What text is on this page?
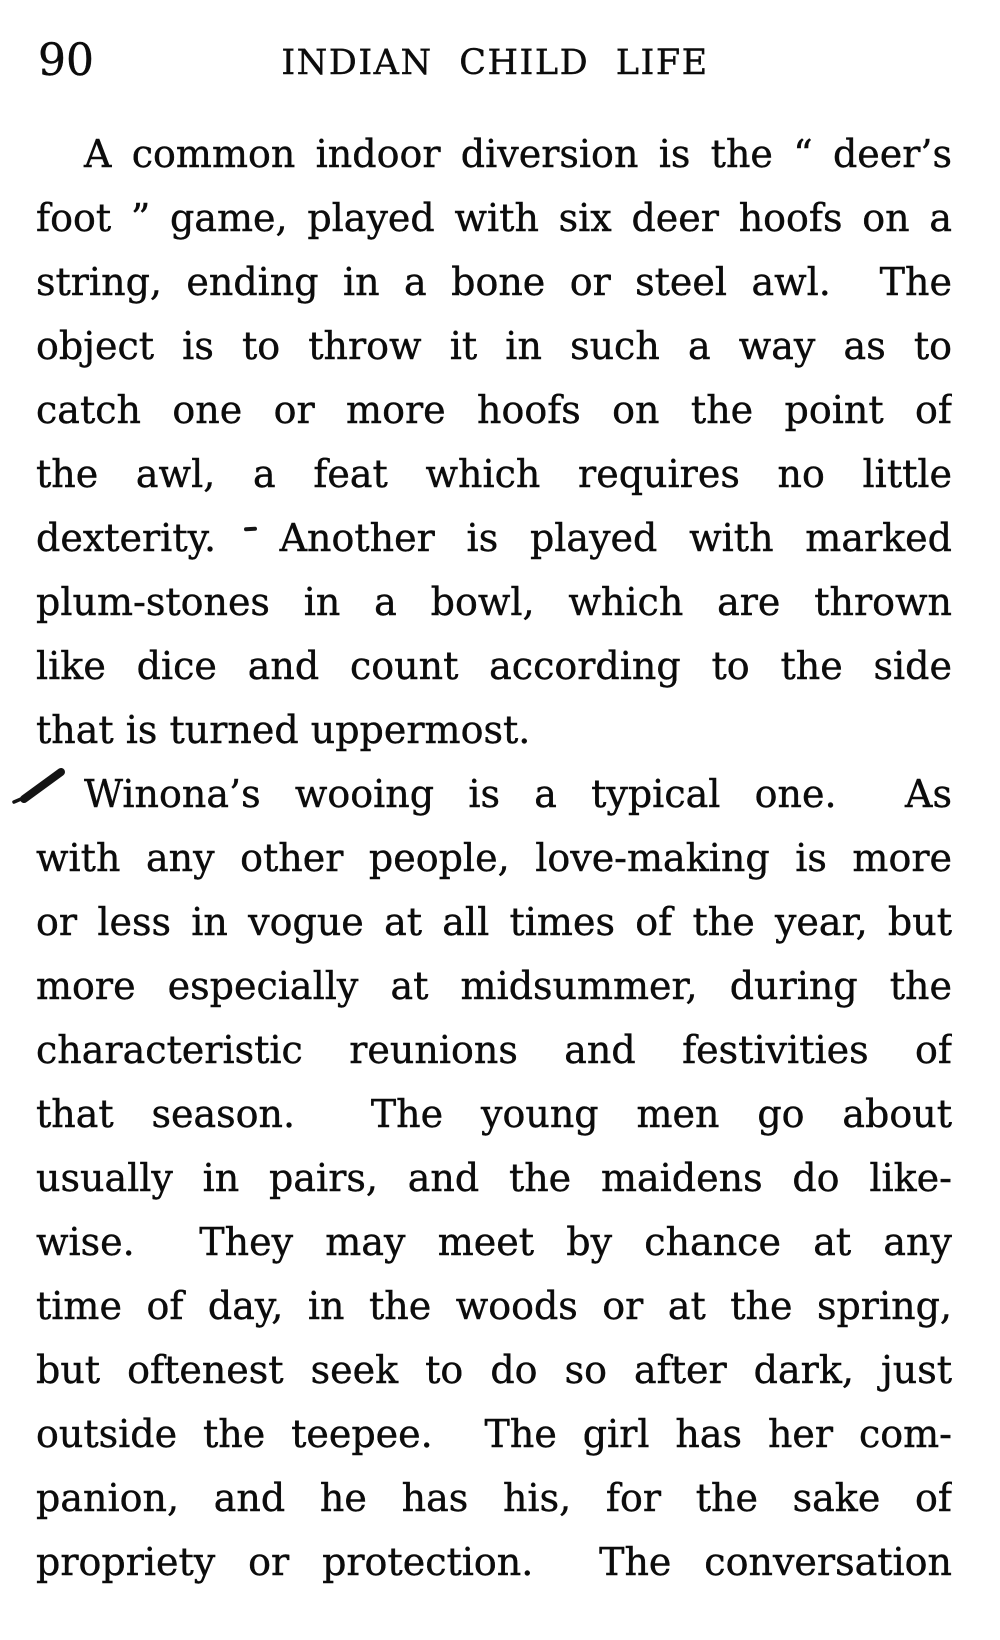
90	INDIAN CHILD LIFE
A common indoor diversion is the “ deer’s
foot ” game, played with six deer hoofs on a
string, ending in a bone or steel awl.  The
object is to throw it in such a way as to
catch one or more hoofs on the point of
the awl, a feat which requires no little
dexterity.  Another is played with marked
plum-stones in a bowl, which are thrown
like dice and count according to the side
that is turned uppermost.
Winona’s wooing is a typical one.  As
with any other people, love-making is more
or less in vogue at all times of the year, but
more especially at midsummer, during the
characteristic reunions and festivities of
that season.  The young men go about
usually in pairs, and the maidens do like-
wise.  They may meet by chance at any
time of day, in the woods or at the spring,
but oftenest seek to do so after dark, just
outside the teepee.  The girl has her com-
panion, and he has his, for the sake of
propriety or protection.  The conversation
